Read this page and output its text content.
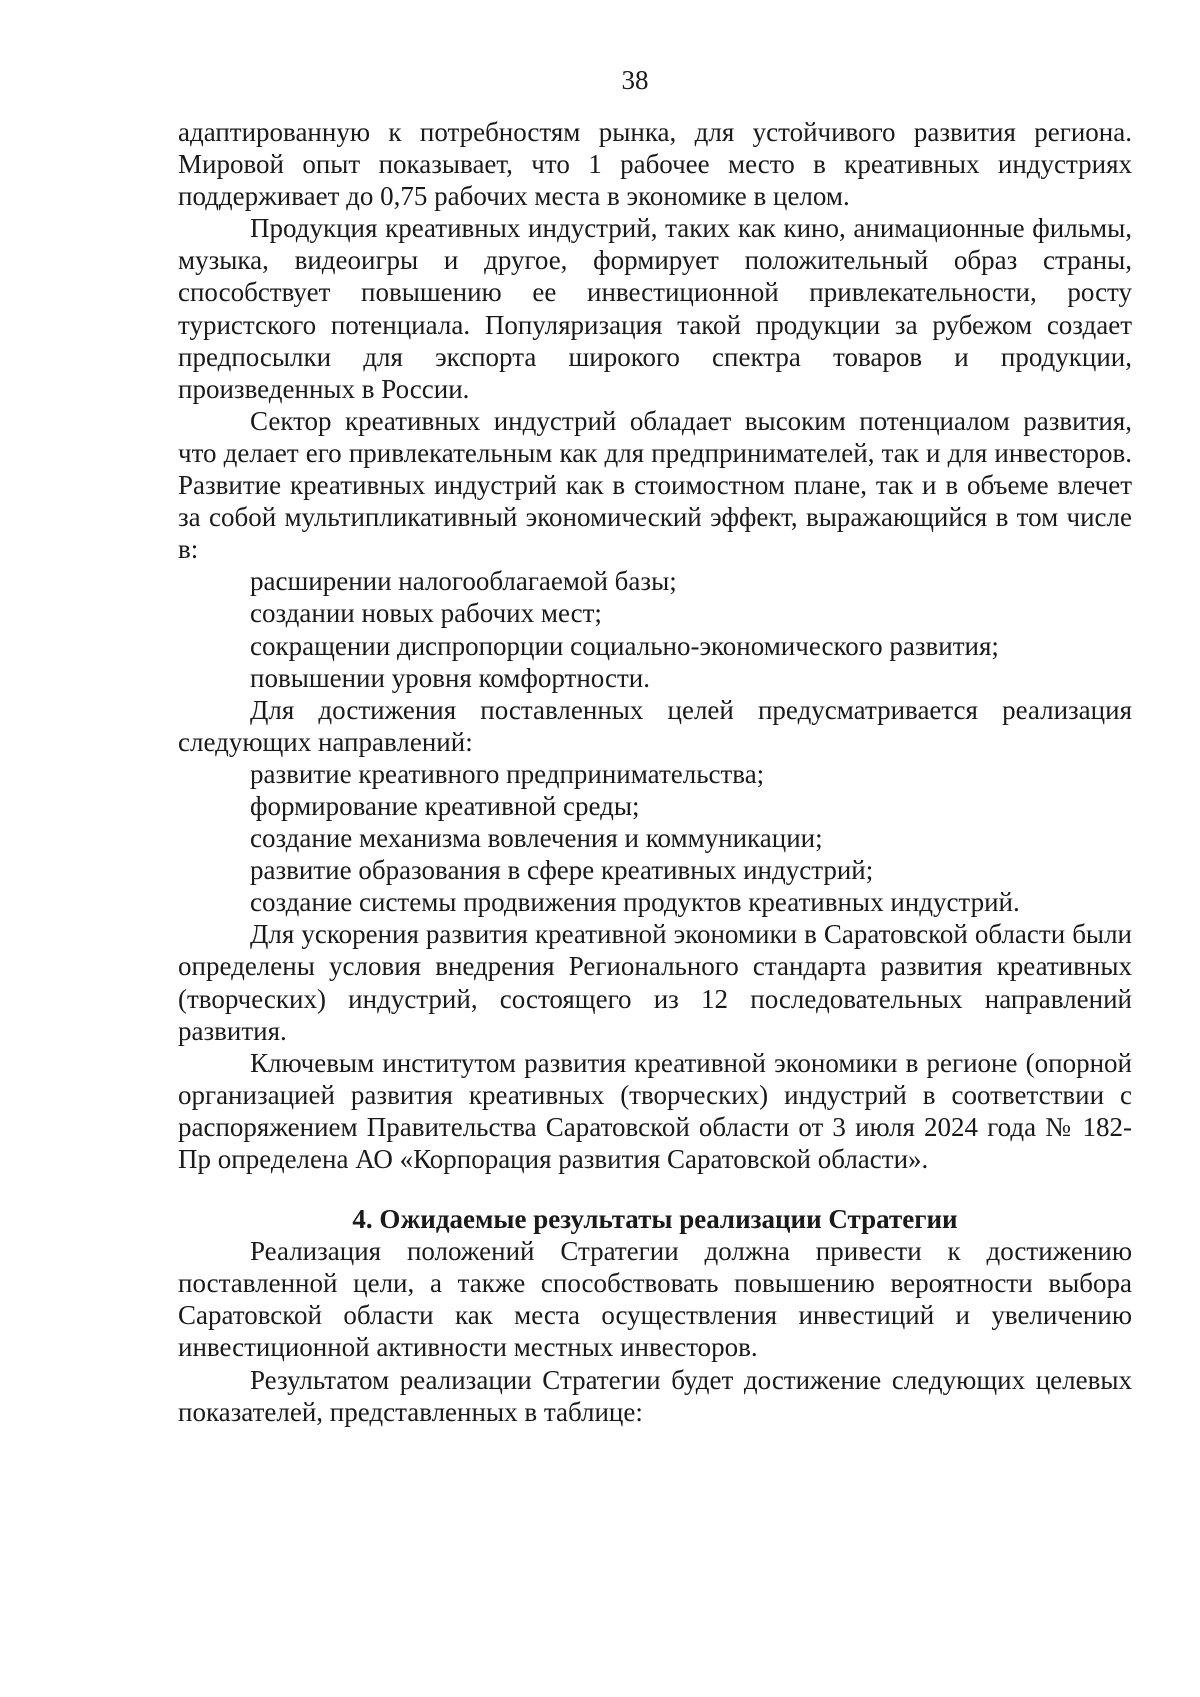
38

адаптированную к потребностям рынка, для устойчивого развития региона. Мировой опыт показывает, что 1 рабочее место в креативных индустриях поддерживает до 0,75 рабочих места в экономике в целом.

Продукция креативных индустрий, таких как кино, анимационные фильмы, музыка, видеоигры и другое, формирует положительный образ страны, способствует повышению ее инвестиционной привлекательности, росту туристского потенциала. Популяризация такой продукции за рубежом создает предпосылки для экспорта широкого спектра товаров и продукции, произведенных в России.

Сектор креативных индустрий обладает высоким потенциалом развития, что делает его привлекательным как для предпринимателей, так и для инвесторов. Развитие креативных индустрий как в стоимостном плане, так и в объеме влечет за собой мультипликативный экономический эффект, выражающийся в том числе в:

расширении налогооблагаемой базы;

создании новых рабочих мест;

сокращении диспропорции социально-экономического развития;

повышении уровня комфортности.

Для достижения поставленных целей предусматривается реализация следующих направлений:

развитие креативного предпринимательства;

формирование креативной среды;

создание механизма вовлечения и коммуникации;

развитие образования в сфере креативных индустрий;

создание системы продвижения продуктов креативных индустрий.

Для ускорения развития креативной экономики в Саратовской области были определены условия внедрения Регионального стандарта развития креативных (творческих) индустрий, состоящего из 12 последовательных направлений развития.

Ключевым институтом развития креативной экономики в регионе (опорной организацией развития креативных (творческих) индустрий в соответствии с распоряжением Правительства Саратовской области от 3 июля 2024 года № 182-Пр определена АО «Корпорация развития Саратовской области».

4. Ожидаемые результаты реализации Стратегии

Реализация положений Стратегии должна привести к достижению поставленной цели, а также способствовать повышению вероятности выбора Саратовской области как места осуществления инвестиций и увеличению инвестиционной активности местных инвесторов.

Результатом реализации Стратегии будет достижение следующих целевых показателей, представленных в таблице:
